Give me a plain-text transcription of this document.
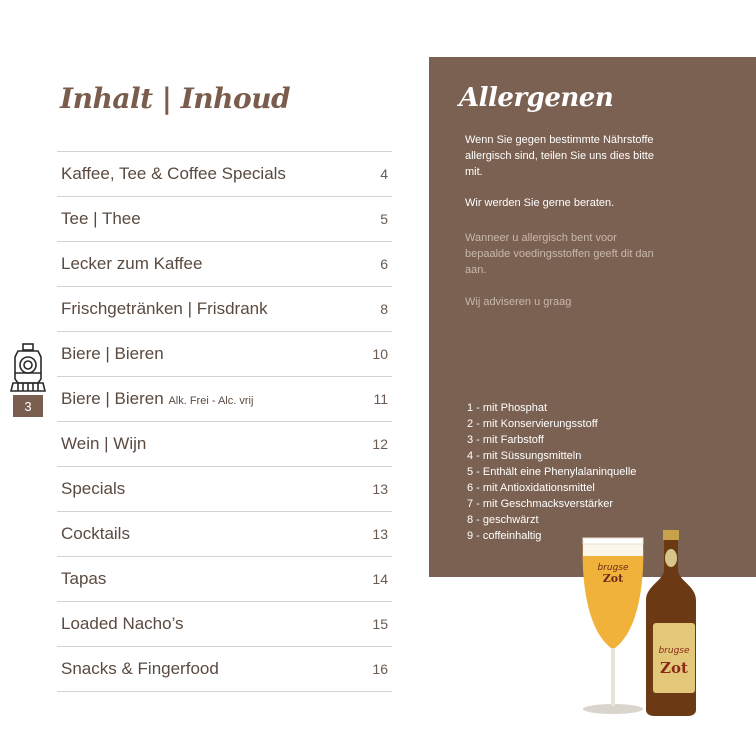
Inhalt | Inhoud
Kaffee, Tee & Coffee Specials	4
Tee | Thee	5
Lecker zum Kaffee	6
Frischgetränken | Frisdrank	8
Biere | Bieren	10
Biere | Bieren Alk. Frei - Alc. vrij	11
Wein | Wijn	12
Specials	13
Cocktails	13
Tapas	14
Loaded Nacho’s	15
Snacks & Fingerfood	16
3
Allergenen
Wenn Sie gegen bestimmte Nährstoffe allergisch sind, teilen Sie uns dies bitte mit.
Wir werden Sie gerne beraten.
Wanneer u allergisch bent voor bepaalde voedingsstoffen geeft dit dan aan.
Wij adviseren u graag
1 - mit Phosphat
2 - mit Konservierungsstoff
3 - mit Farbstoff
4 - mit Süssungsmitteln
5 - Enthält eine Phenylalaninquelle
6 - mit Antioxidationsmittel
7 - mit Geschmacksverstärker
8 - geschwärzt
9 - coffeinhaltig
brugse
Zot
brugse
Zot
